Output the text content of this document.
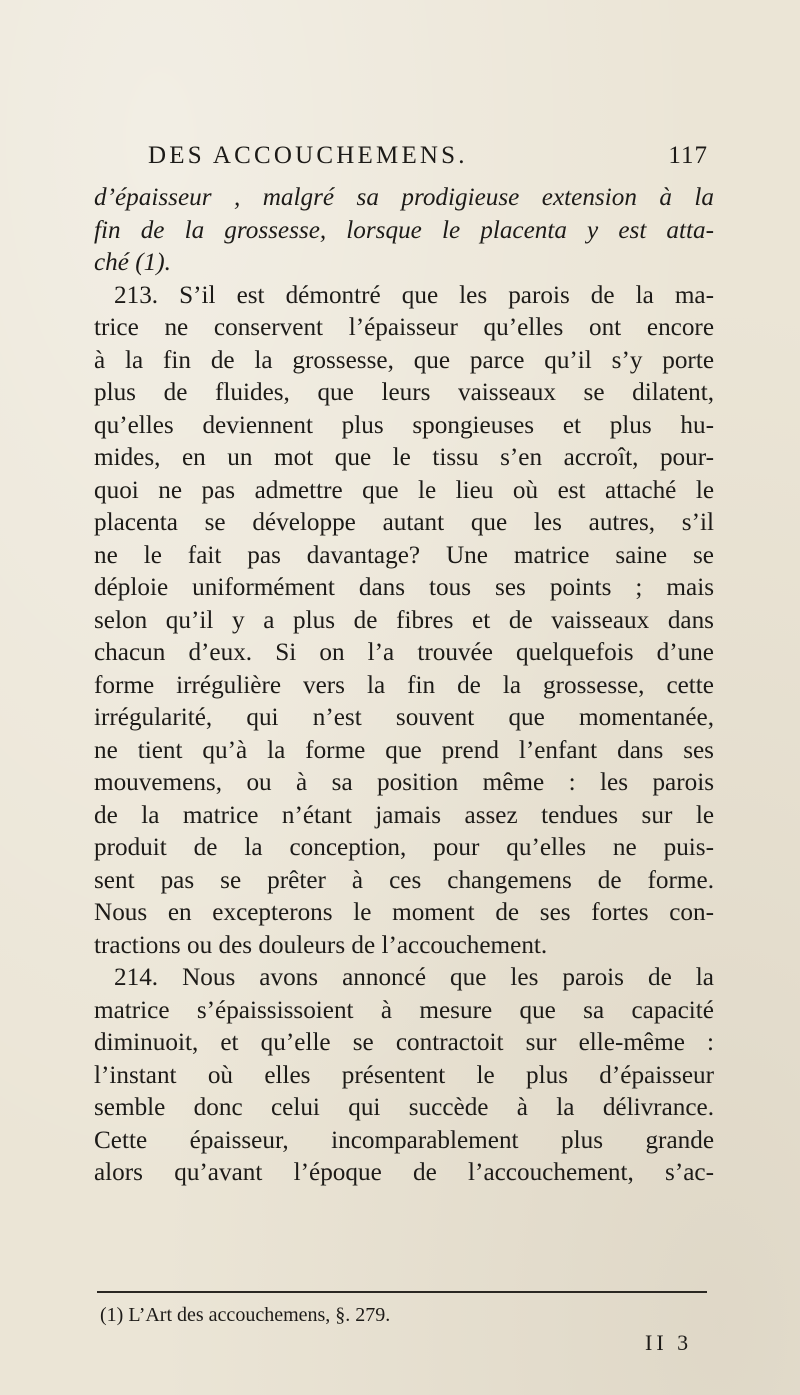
DES ACCOUCHEMENS.	117
d’épaisseur , malgré sa prodigieuse extension à la
fin de la grossesse, lorsque le placenta y est atta-
ché (1).
213. S’il est démontré que les parois de la ma-
trice ne conservent l’épaisseur qu’elles ont encore
à la fin de la grossesse, que parce qu’il s’y porte
plus de fluides, que leurs vaisseaux se dilatent,
qu’elles deviennent plus spongieuses et plus hu-
mides, en un mot que le tissu s’en accroît, pour-
quoi ne pas admettre que le lieu où est attaché le
placenta se développe autant que les autres, s’il
ne le fait pas davantage? Une matrice saine se
déploie uniformément dans tous ses points ; mais
selon qu’il y a plus de fibres et de vaisseaux dans
chacun d’eux. Si on l’a trouvée quelquefois d’une
forme irrégulière vers la fin de la grossesse, cette
irrégularité, qui n’est souvent que momentanée,
ne tient qu’à la forme que prend l’enfant dans ses
mouvemens, ou à sa position même : les parois
de la matrice n’étant jamais assez tendues sur le
produit de la conception, pour qu’elles ne puis-
sent pas se prêter à ces changemens de forme.
Nous en excepterons le moment de ses fortes con-
tractions ou des douleurs de l’accouchement.
214. Nous avons annoncé que les parois de la
matrice s’épaississoient à mesure que sa capacité
diminuoit, et qu’elle se contractoit sur elle-même :
l’instant où elles présentent le plus d’épaisseur
semble donc celui qui succède à la délivrance.
Cette épaisseur, incomparablement plus grande
alors qu’avant l’époque de l’accouchement, s’ac-
(1) L’Art des accouchemens, §. 279.
II 3
